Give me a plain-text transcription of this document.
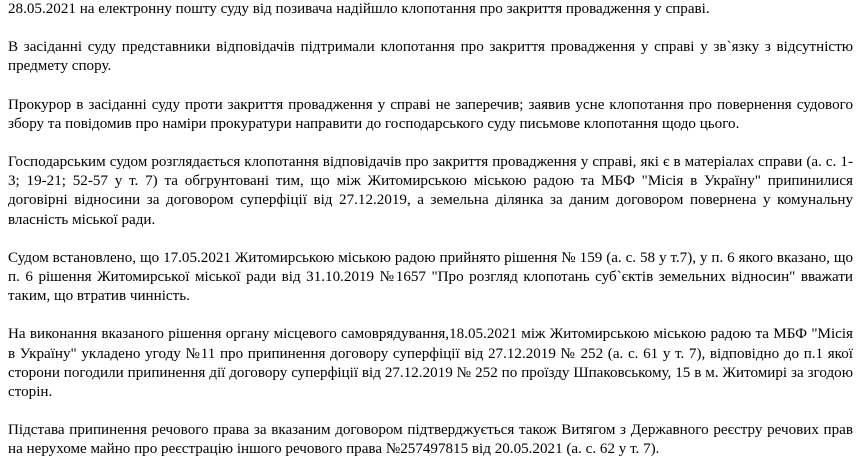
28.05.2021 на електронну пошту суду від позивача надійшло клопотання про закриття провадження у справі.

В засіданні суду представники відповідачів підтримали клопотання про закриття провадження у справі у зв`язку з відсутністю предмету спору.

Прокурор в засіданні суду проти закриття провадження у справі не заперечив; заявив усне клопотання про повернення судового збору та повідомив про наміри прокуратури направити до господарського суду письмове клопотання щодо цього.

Господарським судом розглядається клопотання відповідачів про закриття провадження у справі, які є в матеріалах справи (а. с. 1-3; 19-21; 52-57 у т. 7) та обгрунтовані тим, що між Житомирською міською радою та МБФ "Місія в Україну" припинилися договірні відносини за договором суперфіції від 27.12.2019, а земельна ділянка за даним договором повернена у комунальну власність міської ради.

Судом встановлено, що 17.05.2021 Житомирською міською радою прийнято рішення № 159 (а. с. 58 у т.7), у п. 6 якого вказано, що п. 6 рішення Житомирської міської ради від 31.10.2019 №1657 "Про розгляд клопотань суб`єктів земельних відносин" вважати таким, що втратив чинність.

На виконання вказаного рішення органу місцевого самоврядування,18.05.2021 між Житомирською міською радою та МБФ "Місія в Україну" укладено угоду №11 про припинення договору суперфіції від 27.12.2019 № 252 (а. с. 61 у т. 7), відповідно до п.1 якої сторони погодили припинення дії договору суперфіції від 27.12.2019 № 252 по проїзду Шпаковському, 15 в м. Житомирі за згодою сторін.

Підстава припинення речового права за вказаним договором підтверджується також Витягом з Державного реєстру речових прав на нерухоме майно про реєстрацію іншого речового права №257497815 від 20.05.2021 (а. с. 62 у т. 7).
